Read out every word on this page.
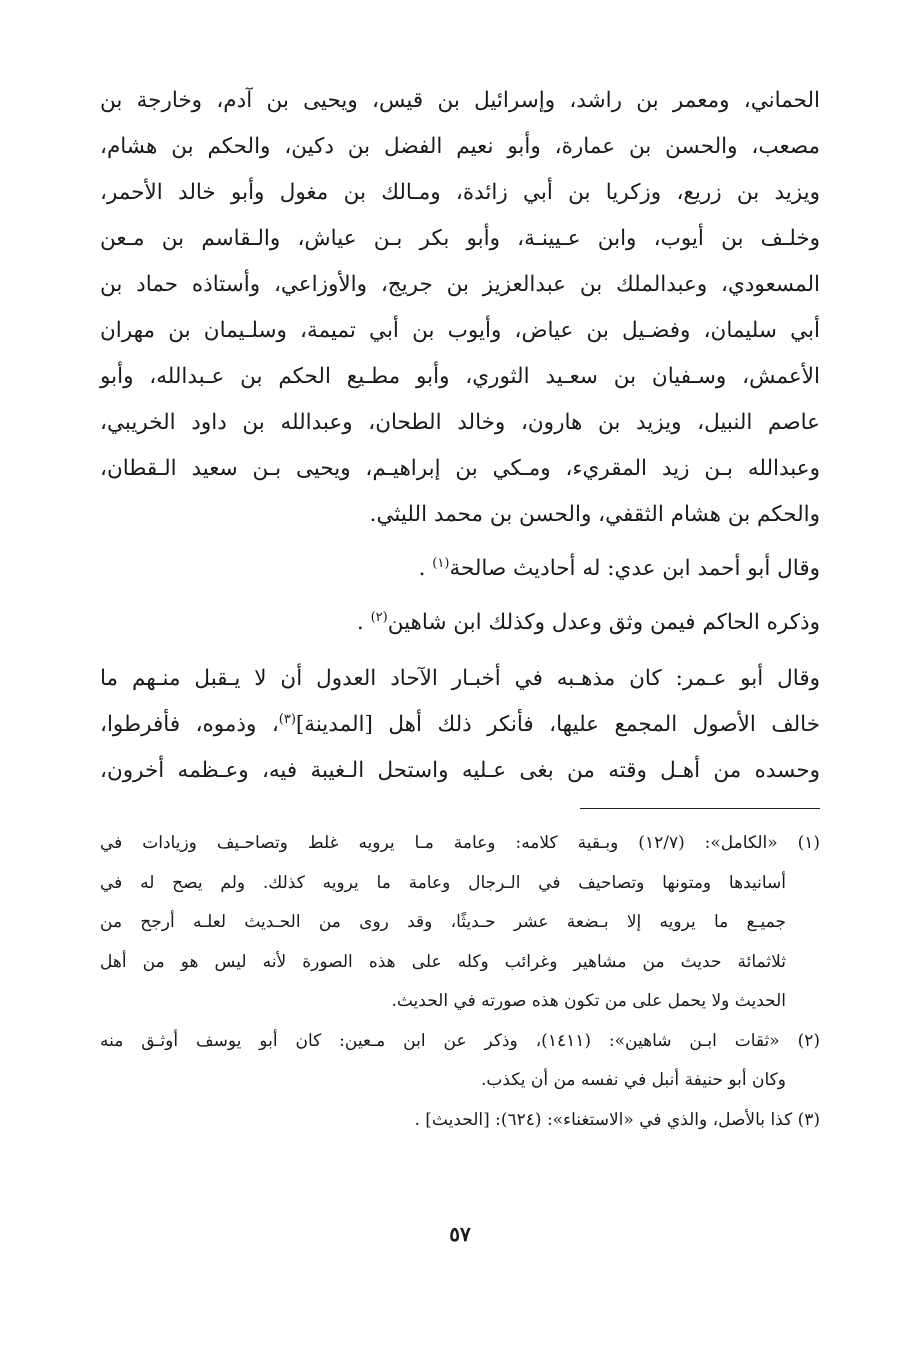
الحماني، ومعمر بن راشد، وإسرائيل بن قيس، ويحيى بن آدم، وخارجة بن
مصعب، والحسن بن عمارة، وأبو نعيم الفضل بن دكين، والحكم بن هشام،
ويزيد بن زريع، وزكريا بن أبي زائدة، ومـالك بن مغول وأبو خالد الأحمر،
وخلـف بن أيوب، وابن عـيينـة، وأبو بكر بـن عياش، والـقاسم بن مـعن
المسعودي، وعبدالملك بن عبدالعزيز بن جريج، والأوزاعي، وأستاذه حماد بن
أبي سليمان، وفضـيل بن عياض، وأيوب بن أبي تميمة، وسلـيمان بن مهران
الأعمش، وسـفيان بن سعـيد الثوري، وأبو مطـيع الحكم بن عـبدالله، وأبو
عاصم النبيل، ويزيد بن هارون، وخالد الطحان، وعبدالله بن داود الخريبي،
وعبدالله بـن زيد المقريء، ومـكي بن إبراهيـم، ويحيى بـن سعيد الـقطان،
والحكم بن هشام الثقفي، والحسن بن محمد الليثي.
وقال أبو أحمد ابن عدي: له أحاديث صالحة$^{(١)}$ .
وذكره الحاكم فيمن وثق وعدل وكذلك ابن شاهين$^{(٢)}$ .
وقال أبو عـمر: كان مذهـبه في أخبـار الآحاد العدول أن لا يـقبل منـهم ما
خالف الأصول المجمع عليها، فأنكر ذلك أهل [المدينة]$^{(٣)}$، وذموه، فأفرطوا،
وحسده من أهـل وقته من بغى عـليه واستحل الـغيبة فيه، وعـظمه أخرون،
(١) «الكامل»: (١٢/٧) وبـقية كلامه: وعامة مـا يرويه غلط وتصاحـيف وزيادات في
أسانيدها ومتونها وتصاحيف في الـرجال وعامة ما يرويه كذلك. ولم يصح له في
جميـع ما يرويه إلا بـضعة عشر حـديثًا، وقد روى من الحـديث لعلـه أرجح من
ثلاثمائة حديث من مشاهير وغرائب وكله على هذه الصورة لأنه ليس هو من أهل
الحديث ولا يحمل على من تكون هذه صورته في الحديث.
(٢) «ثقات ابـن شاهين»: (١٤١١)، وذكر عن ابن مـعين: كان أبو يوسف أوثـق منه
وكان أبو حنيفة أنبل في نفسه من أن يكذب.
(٣) كذا بالأصل، والذي في «الاستغناء»: (٦٢٤): [الحديث] .
٥٧
